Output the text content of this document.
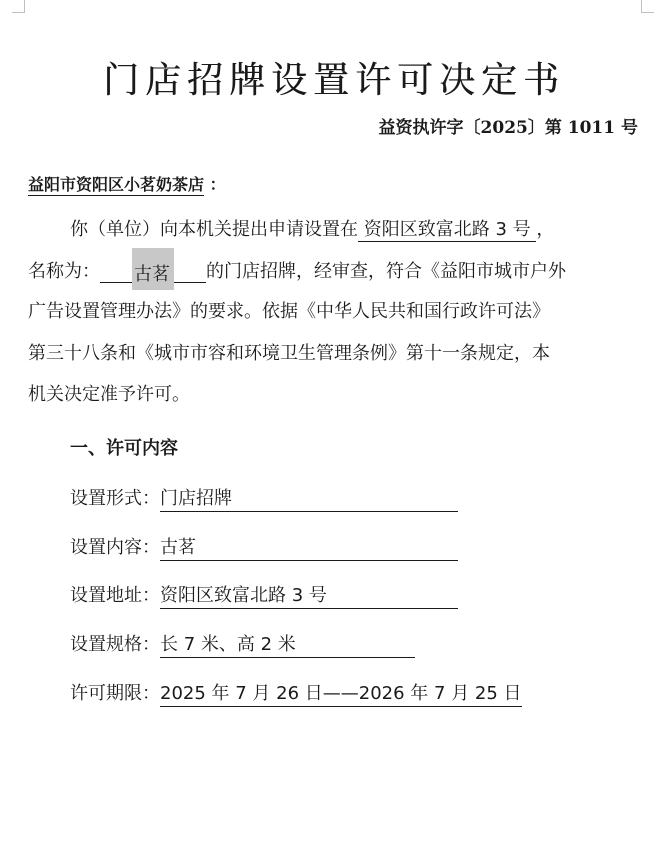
门店招牌设置许可决定书
益资执许字〔2025〕第 1011 号
益阳市资阳区小茗奶茶店 ：
你（单位）向本机关提出申请设置在 资阳区致富北路 3 号 ，
名称为： 古茗 的门店招牌，经审查，符合《益阳市城市户外
广告设置管理办法》的要求。依据《中华人民共和国行政许可法》
第三十八条和《城市市容和环境卫生管理条例》第十一条规定，本
机关决定准予许可。
一、许可内容
设置形式：门店招牌
设置内容：古茗
设置地址：资阳区致富北路 3 号
设置规格：长 7 米、高 2 米
许可期限：2025 年 7 月 26 日——2026 年 7 月 25 日
